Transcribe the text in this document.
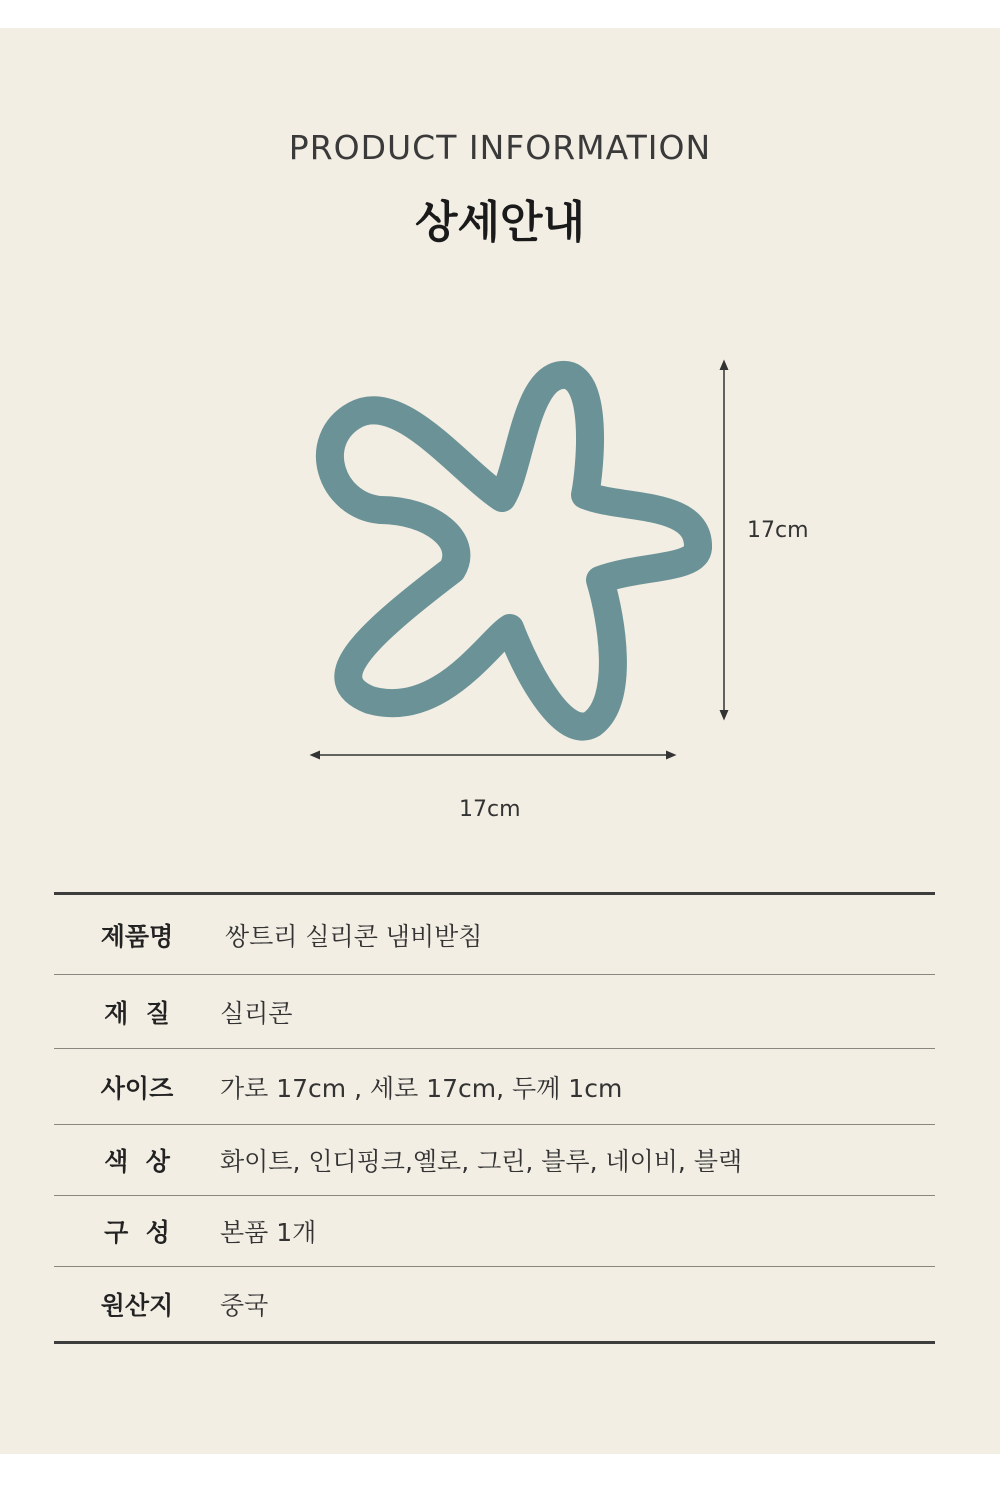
PRODUCT INFORMATION
상세안내
17cm
17cm
제품명	쌍트리 실리콘 냄비받침
재  질	실리콘
사이즈	가로 17cm , 세로 17cm, 두께 1cm
색  상	화이트, 인디핑크,옐로, 그린, 블루, 네이비, 블랙
구  성	본품 1개
원산지	중국
